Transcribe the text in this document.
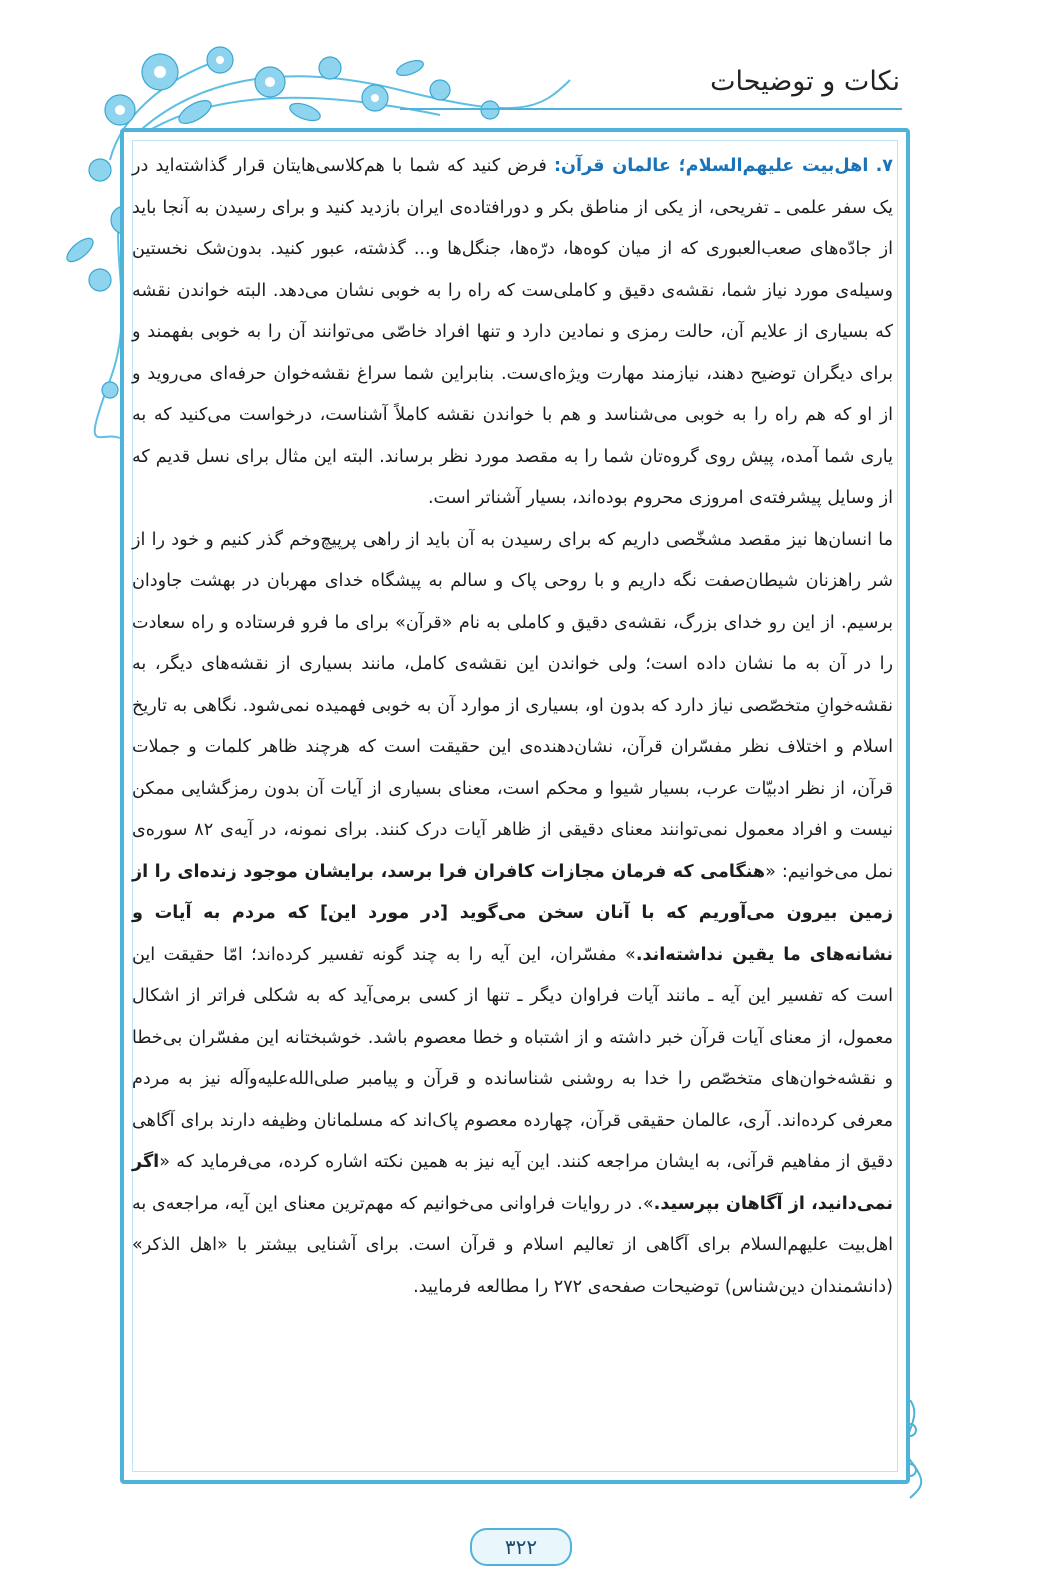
نکات و توضیحات

۷. اهل‌بیت علیهم‌السلام؛ عالمان قرآن: فرض کنید که شما با هم‌کلاسی‌هایتان قرار گذاشته‌اید در یک سفر علمی ـ تفریحی، از یکی از مناطق بکر و دورافتاده‌ی ایران بازدید کنید و برای رسیدن به آنجا باید از جادّه‌های صعب‌العبوری که از میان کوه‌ها، درّه‌ها، جنگل‌ها و... گذشته، عبور کنید. بدون‌شک نخستین وسیله‌ی مورد نیاز شما، نقشه‌ی دقیق و کاملی‌ست که راه را به خوبی نشان می‌دهد. البته خواندن نقشه که بسیاری از علایم آن، حالت رمزی و نمادین دارد و تنها افراد خاصّی می‌توانند آن را به خوبی بفهمند و برای دیگران توضیح دهند، نیازمند مهارت ویژه‌ای‌ست. بنابراین شما سراغ نقشه‌خوان حرفه‌ای می‌روید و از او که هم راه را به خوبی می‌شناسد و هم با خواندن نقشه کاملاً آشناست، درخواست می‌کنید که به یاری شما آمده، پیش روی گروه‌تان شما را به مقصد مورد نظر برساند. البته این مثال برای نسل قدیم که از وسایل پیشرفته‌ی امروزی محروم بوده‌اند، بسیار آشناتر است.

ما انسان‌ها نیز مقصد مشخّصی داریم که برای رسیدن به آن باید از راهی پرپیچ‌وخم گذر کنیم و خود را از شر راهزنان شیطان‌صفت نگه داریم و با روحی پاک و سالم به پیشگاه خدای مهربان در بهشت جاودان برسیم. از این رو خدای بزرگ، نقشه‌ی دقیق و کاملی به نام «قرآن» برای ما فرو فرستاده و راه سعادت را در آن به ما نشان داده است؛ ولی خواندن این نقشه‌ی کامل، مانند بسیاری از نقشه‌های دیگر، به نقشه‌خوانِ متخصّصی نیاز دارد که بدون او، بسیاری از موارد آن به خوبی فهمیده نمی‌شود. نگاهی به تاریخ اسلام و اختلاف نظر مفسّران قرآن، نشان‌دهنده‌ی این حقیقت است که هرچند ظاهر کلمات و جملات قرآن، از نظر ادبیّات عرب، بسیار شیوا و محکم است، معنای بسیاری از آیات آن بدون رمزگشایی ممکن نیست و افراد معمول نمی‌توانند معنای دقیقی از ظاهر آیات درک کنند. برای نمونه، در آیه‌ی ۸۲ سوره‌ی نمل می‌خوانیم: «هنگامی که فرمان مجازات کافران فرا برسد، برایشان موجود زنده‌ای را از زمین بیرون می‌آوریم که با آنان سخن می‌گوید [در مورد این] که مردم به آیات و نشانه‌های ما یقین نداشته‌اند.» مفسّران، این آیه را به چند گونه تفسیر کرده‌اند؛ امّا حقیقت این است که تفسیر این آیه ـ مانند آیات فراوان دیگر ـ تنها از کسی برمی‌آید که به شکلی فراتر از اشکال معمول، از معنای آیات قرآن خبر داشته و از اشتباه و خطا معصوم باشد. خوشبختانه این مفسّران بی‌خطا و نقشه‌خوان‌های متخصّص را خدا به روشنی شناسانده و قرآن و پیامبر صلی‌الله‌علیه‌وآله نیز به مردم معرفی کرده‌اند. آری، عالمان حقیقی قرآن، چهارده معصوم پاک‌اند که مسلمانان وظیفه دارند برای آگاهی دقیق از مفاهیم قرآنی، به ایشان مراجعه کنند. این آیه نیز به همین نکته اشاره کرده، می‌فرماید که «اگر نمی‌دانید، از آگاهان بپرسید.». در روایات فراوانی می‌خوانیم که مهم‌ترین معنای این آیه، مراجعه‌ی به اهل‌بیت علیهم‌السلام برای آگاهی از تعالیم اسلام و قرآن است. برای آشنایی بیشتر با «اهل الذکر» (دانشمندان دین‌شناس) توضیحات صفحه‌ی ۲۷۲ را مطالعه فرمایید.

۳۲۲
